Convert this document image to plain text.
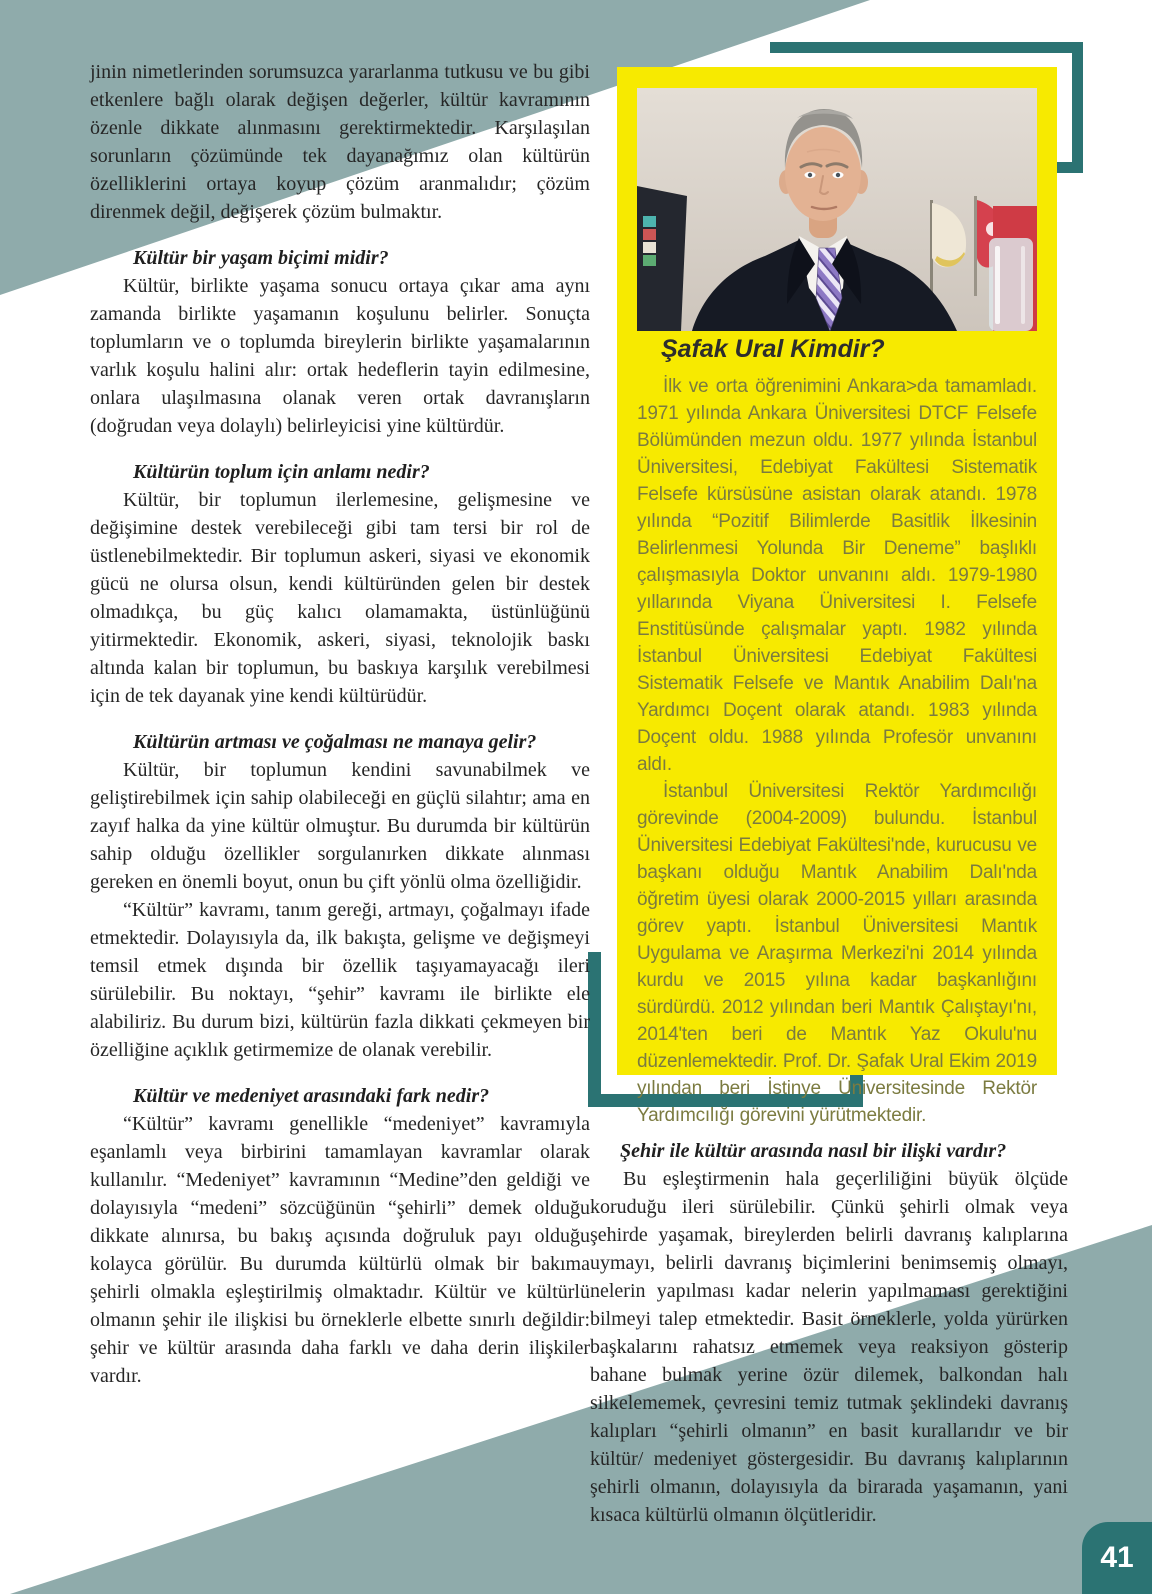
jinin nimetlerinden sorumsuzca yararlanma tutkusu ve bu gibi etkenlere bağlı olarak değişen değerler, kültür kavramının özenle dikkate alınmasını gerektirmektedir. Karşılaşılan sorunların çözümünde tek dayanağımız olan kültürün özelliklerini ortaya koyup çözüm aranmalıdır; çözüm direnmek değil, değişerek çözüm bulmaktır.

Kültür bir yaşam biçimi midir?

Kültür, birlikte yaşama sonucu ortaya çıkar ama aynı zamanda birlikte yaşamanın koşulunu belirler. Sonuçta toplumların ve o toplumda bireylerin birlikte yaşamalarının varlık koşulu halini alır: ortak hedeflerin tayin edilmesine, onlara ulaşılmasına olanak veren ortak davranışların (doğrudan veya dolaylı) belirleyicisi yine kültürdür.

Kültürün toplum için anlamı nedir?

Kültür, bir toplumun ilerlemesine, gelişmesine ve değişimine destek verebileceği gibi tam tersi bir rol de üstlenebilmektedir. Bir toplumun askeri, siyasi ve ekonomik gücü ne olursa olsun, kendi kültüründen gelen bir destek olmadıkça, bu güç kalıcı olamamakta, üstünlüğünü yitirmektedir. Ekonomik, askeri, siyasi, teknolojik baskı altında kalan bir toplumun, bu baskıya karşılık verebilmesi için de tek dayanak yine kendi kültürüdür.

Kültürün artması ve çoğalması ne manaya gelir?

Kültür, bir toplumun kendini savunabilmek ve geliştirebilmek için sahip olabileceği en güçlü silahtır; ama en zayıf halka da yine kültür olmuştur. Bu durumda bir kültürün sahip olduğu özellikler sorgulanırken dikkate alınması gereken en önemli boyut, onun bu çift yönlü olma özelliğidir.

“Kültür” kavramı, tanım gereği, artmayı, çoğalmayı ifade etmektedir. Dolayısıyla da, ilk bakışta, gelişme ve değişmeyi temsil etmek dışında bir özellik taşıyamayacağı ileri sürülebilir. Bu noktayı, “şehir” kavramı ile birlikte ele alabiliriz. Bu durum bizi, kültürün fazla dikkati çekmeyen bir özelliğine açıklık getirmemize de olanak verebilir.

Kültür ve medeniyet arasındaki fark nedir?

“Kültür” kavramı genellikle “medeniyet” kavramıyla eşanlamlı veya birbirini tamamlayan kavramlar olarak kullanılır. “Medeniyet” kavramının “Medine”den geldiği ve dolayısıyla “medeni” sözcüğünün “şehirli” demek olduğu dikkate alınırsa, bu bakış açısında doğruluk payı olduğu kolayca görülür. Bu durumda kültürlü olmak bir bakıma şehirli olmakla eşleştirilmiş olmaktadır. Kültür ve kültürlü olmanın şehir ile ilişkisi bu örneklerle elbette sınırlı değildir: şehir ve kültür arasında daha farklı ve daha derin ilişkiler vardır.

Şafak Ural Kimdir?

İlk ve orta öğrenimini Ankara>da tamamladı. 1971 yılında Ankara Üniversitesi DTCF Felsefe Bölümünden mezun oldu. 1977 yılında İstanbul Üniversitesi, Edebiyat Fakültesi Sistematik Felsefe kürsüsüne asistan olarak atandı. 1978 yılında “Pozitif Bilimlerde Basitlik İlkesinin Belirlenmesi Yolunda Bir Deneme” başlıklı çalışmasıyla Doktor unvanını aldı. 1979-1980 yıllarında Viyana Üniversitesi I. Felsefe Enstitüsünde çalışmalar yaptı. 1982 yılında İstanbul Üniversitesi Edebiyat Fakültesi Sistematik Felsefe ve Mantık Anabilim Dalı'na Yardımcı Doçent olarak atandı. 1983 yılında Doçent oldu. 1988 yılında Profesör unvanını aldı.

İstanbul Üniversitesi Rektör Yardımcılığı görevinde (2004-2009) bulundu. İstanbul Üniversitesi Edebiyat Fakültesi'nde, kurucusu ve başkanı olduğu Mantık Anabilim Dalı'nda öğretim üyesi olarak 2000-2015 yılları arasında görev yaptı. İstanbul Üniversitesi Mantık Uygulama ve Araşırma Merkezi'ni 2014 yılında kurdu ve 2015 yılına kadar başkanlığını sürdürdü. 2012 yılından beri Mantık Çalıştayı'nı, 2014'ten beri de Mantık Yaz Okulu'nu düzenlemektedir. Prof. Dr. Şafak Ural Ekim 2019 yılından beri İstinye Üniversitesinde Rektör Yardımcılığı görevini yürütmektedir.

Şehir ile kültür arasında nasıl bir ilişki vardır?

Bu eşleştirmenin hala geçerliliğini büyük ölçüde koruduğu ileri sürülebilir. Çünkü şehirli olmak veya şehirde yaşamak, bireylerden belirli davranış kalıplarına uymayı, belirli davranış biçimlerini benimsemiş olmayı, nelerin yapılması kadar nelerin yapılmaması gerektiğini bilmeyi talep etmektedir. Basit örneklerle, yolda yürürken başkalarını rahatsız etmemek veya reaksiyon gösterip bahane bulmak yerine özür dilemek, balkondan halı silkelememek, çevresini temiz tutmak şeklindeki davranış kalıpları “şehirli olmanın” en basit kurallarıdır ve bir kültür/ medeniyet göstergesidir. Bu davranış kalıplarının şehirli olmanın, dolayısıyla da birarada yaşamanın, yani kısaca kültürlü olmanın ölçütleridir.

41
